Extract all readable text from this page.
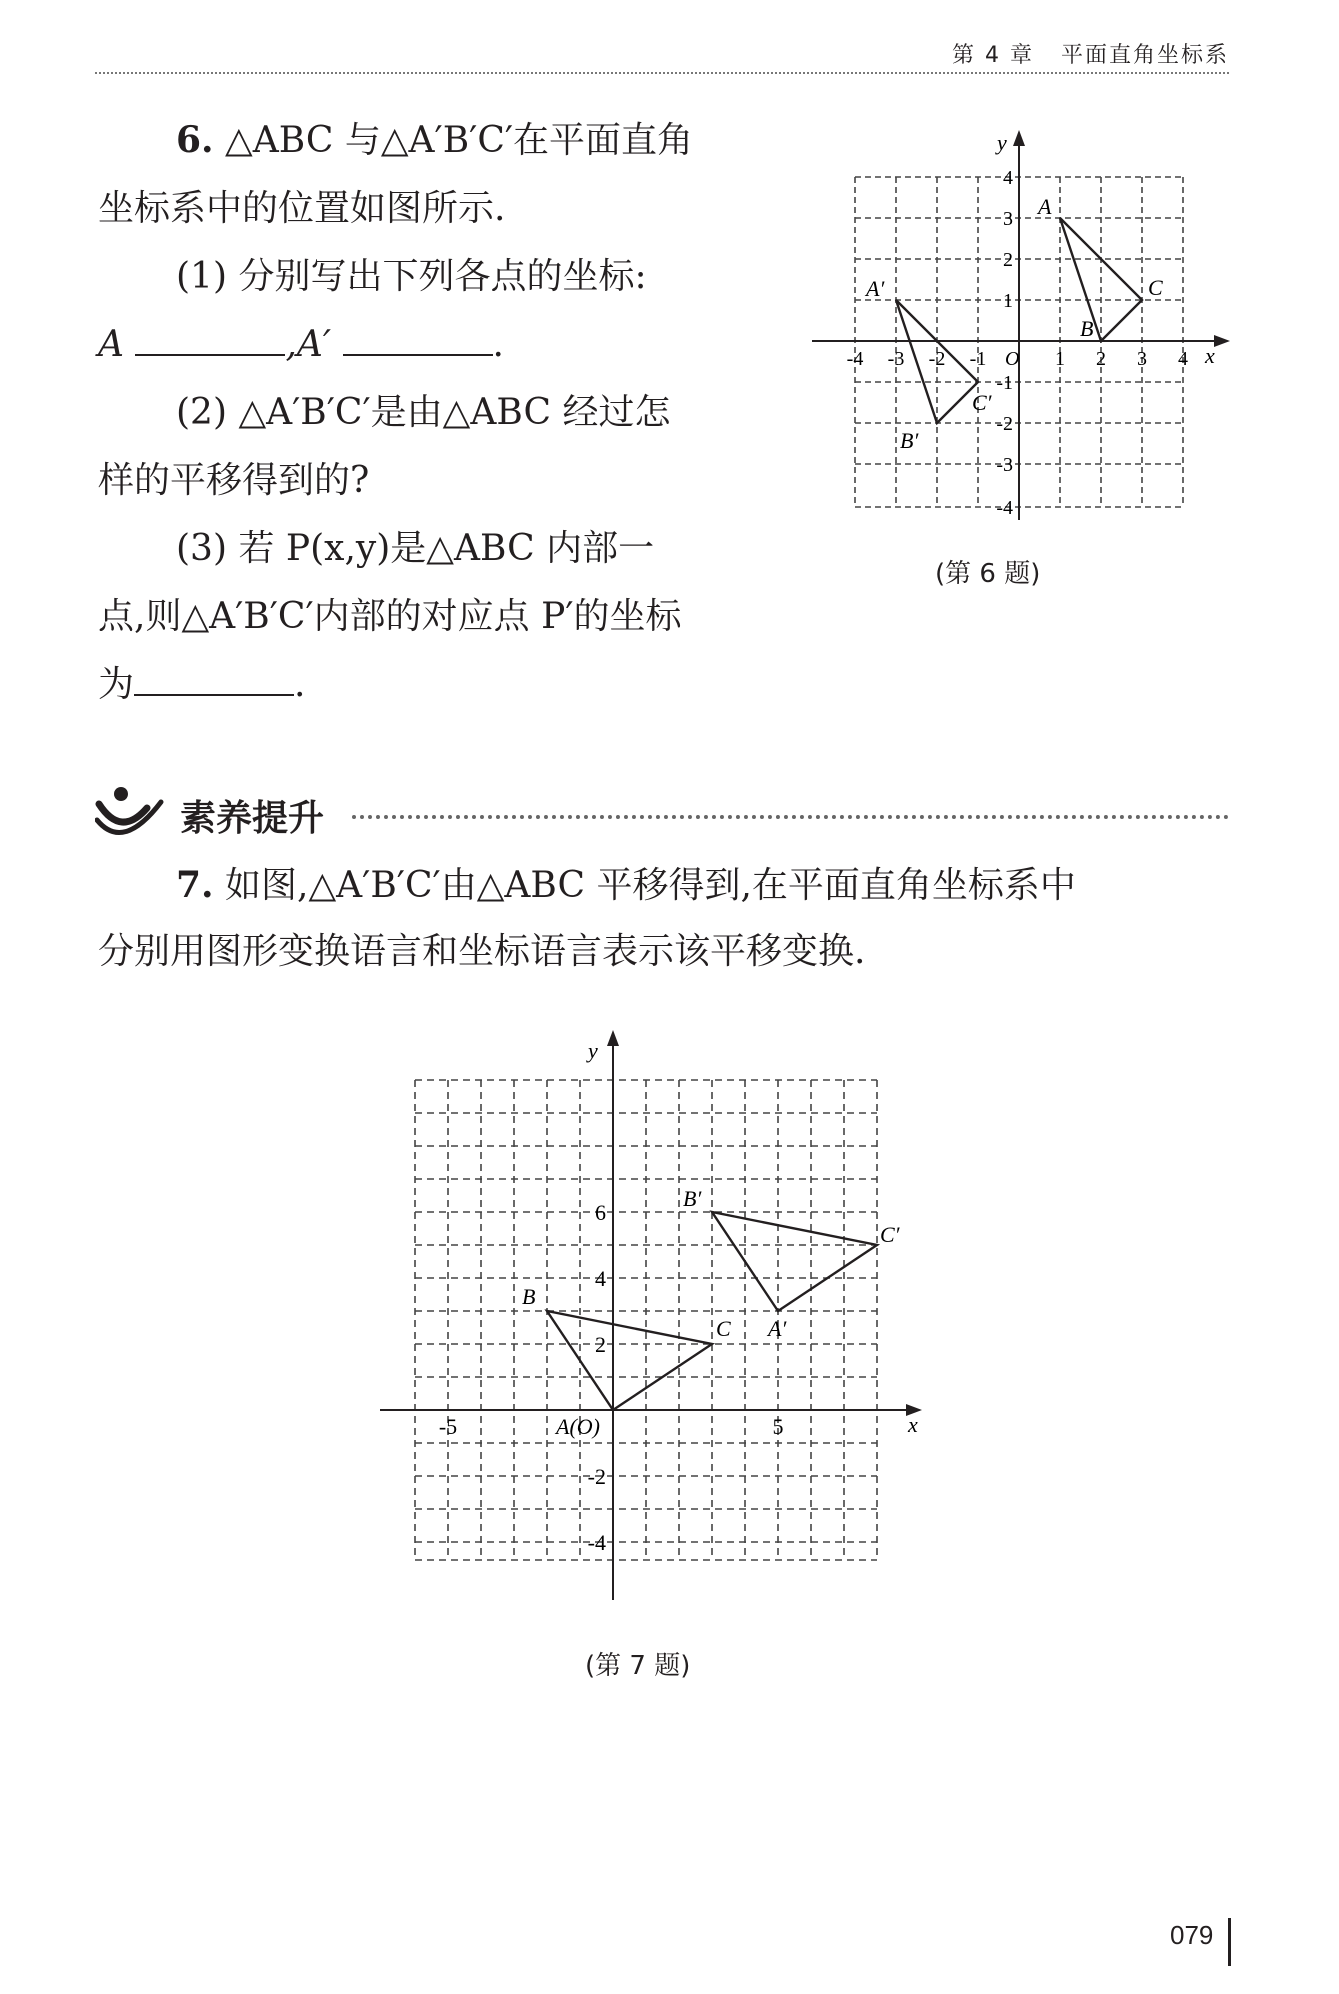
第 4 章 平面直角坐标系
6. △ABC 与△A′B′C′在平面直角
坐标系中的位置如图所示.
(1) 分别写出下列各点的坐标:
A	,A′	.
(2) △A′B′C′是由△ABC 经过怎
样的平移得到的?
(3) 若 P(x,y)是△ABC 内部一
点,则△A′B′C′内部的对应点 P′的坐标
为	.
x
y
O
-4 -3 -2 -1	1 2 3 4
4
3
2
1
-1
-2
-3
-4
A
B
C
A′
B′
C′
(第 6 题)
素养提升
7. 如图,△A′B′C′由△ABC 平移得到,在平面直角坐标系中
分别用图形变换语言和坐标语言表示该平移变换.
x
y
A(O)
-5	5
6
4
2
-2
-4
B
C A′
B′
C′
(第 7 题)
079
